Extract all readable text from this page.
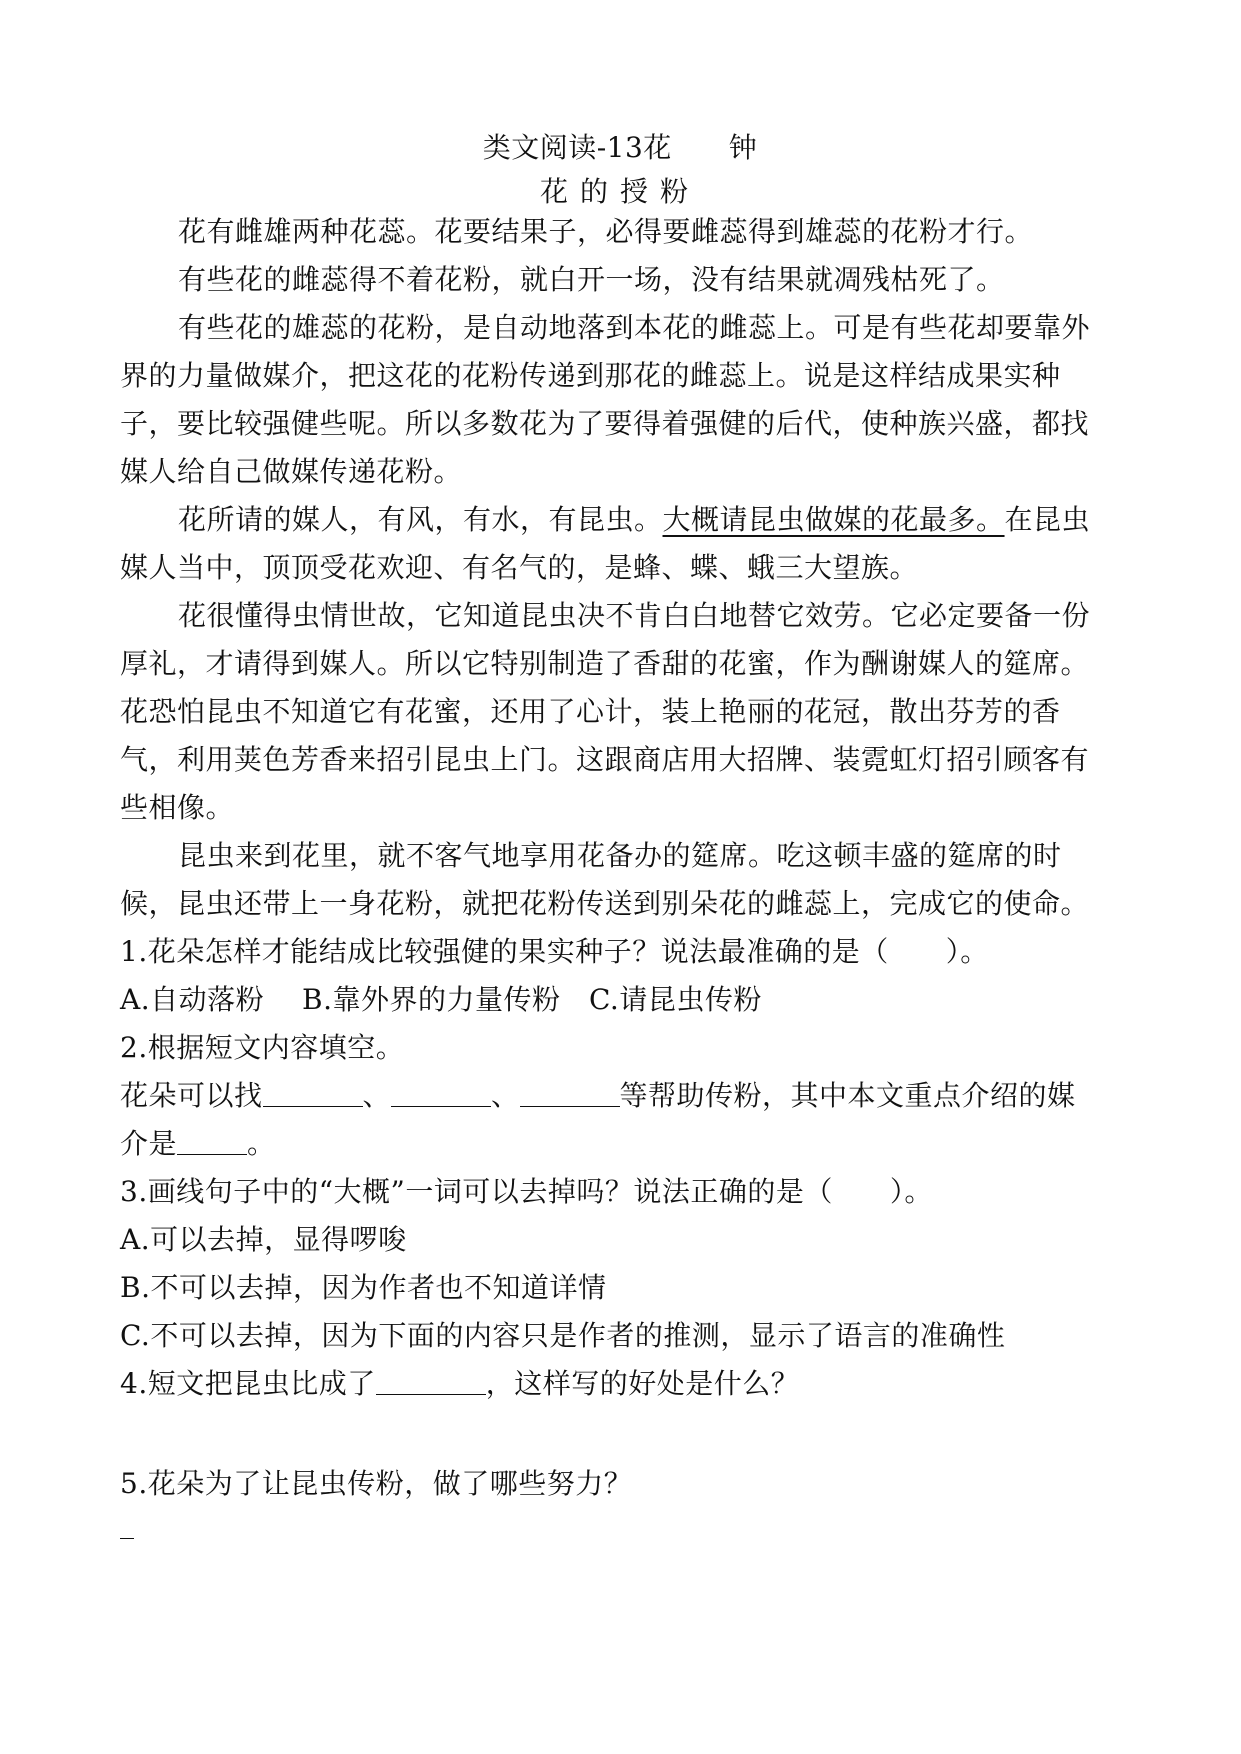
类文阅读-13花　　钟
花的授粉
花有雌雄两种花蕊。花要结果子，必得要雌蕊得到雄蕊的花粉才行。
有些花的雌蕊得不着花粉，就白开一场，没有结果就凋残枯死了。
有些花的雄蕊的花粉，是自动地落到本花的雌蕊上。可是有些花却要靠外
界的力量做媒介，把这花的花粉传递到那花的雌蕊上。说是这样结成果实种
子，要比较强健些呢。所以多数花为了要得着强健的后代，使种族兴盛，都找
媒人给自己做媒传递花粉。
花所请的媒人，有风，有水，有昆虫。大概请昆虫做媒的花最多。在昆虫
媒人当中，顶顶受花欢迎、有名气的，是蜂、蝶、蛾三大望族。
花很懂得虫情世故，它知道昆虫决不肯白白地替它效劳。它必定要备一份
厚礼，才请得到媒人。所以它特别制造了香甜的花蜜，作为酬谢媒人的筵席。
花恐怕昆虫不知道它有花蜜，还用了心计，装上艳丽的花冠，散出芬芳的香
气，利用荚色芳香来招引昆虫上门。这跟商店用大招牌、装霓虹灯招引顾客有
些相像。
昆虫来到花里，就不客气地享用花备办的筵席。吃这顿丰盛的筵席的时
候，昆虫还带上一身花粉，就把花粉传送到别朵花的雌蕊上，完成它的使命。
1.花朵怎样才能结成比较强健的果实种子？说法最准确的是（　　）。
A.自动落粉　 B.靠外界的力量传粉　C.请昆虫传粉
2.根据短文内容填空。
花朵可以找	、	、	等帮助传粉，其中本文重点介绍的媒
介是	。
3.画线句子中的“大概”一词可以去掉吗？说法正确的是（　　）。
A.可以去掉，显得啰唆
B.不可以去掉，因为作者也不知道详情
C.不可以去掉，因为下面的内容只是作者的推测，显示了语言的准确性
4.短文把昆虫比成了	，这样写的好处是什么？
5.花朵为了让昆虫传粉，做了哪些努力？
